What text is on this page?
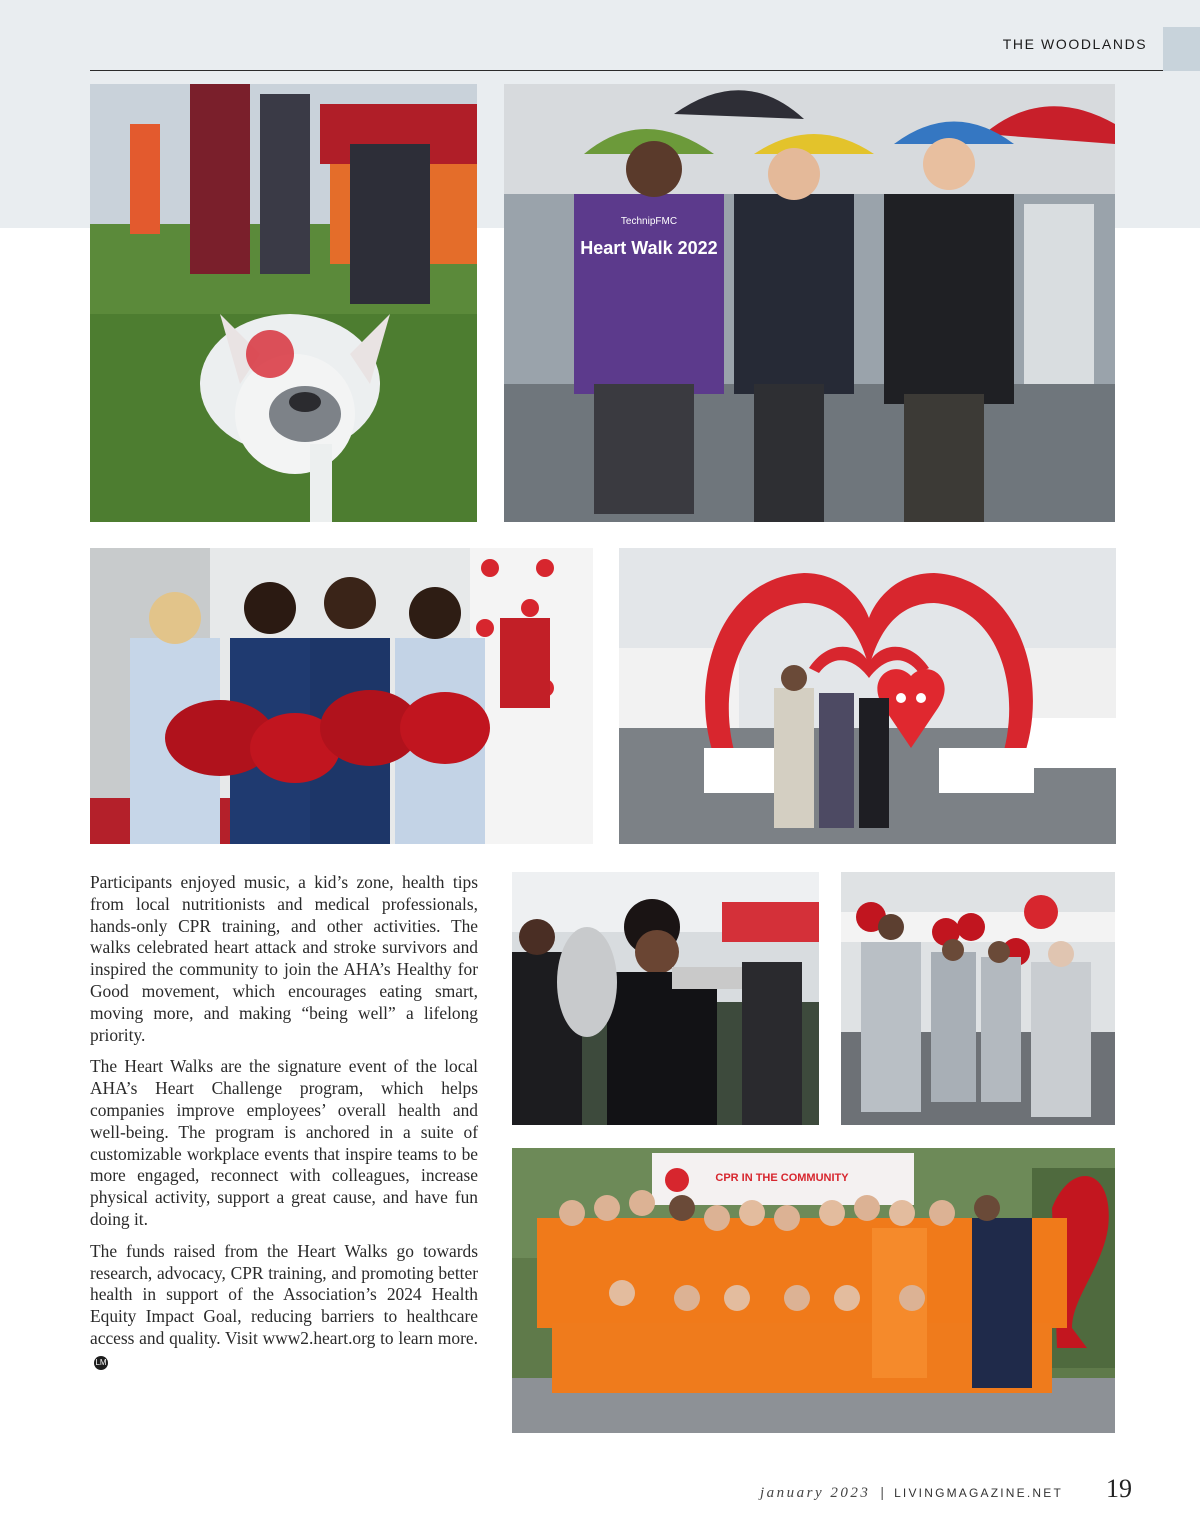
THE WOODLANDS
Heart Walk 2022
TechnipFMC

Participants enjoyed music, a kid’s zone, health tips from local nutritionists and medical professionals, hands-only CPR training, and other activities. The walks celebrated heart attack and stroke survivors and inspired the community to join the AHA’s Healthy for Good movement, which encourages eating smart, moving more, and making “being well” a lifelong priority.

The Heart Walks are the signature event of the local AHA’s Heart Challenge program, which helps companies improve employees’ overall health and well-being. The program is anchored in a suite of customizable workplace events that inspire teams to be more engaged, reconnect with colleagues, increase physical activity, support a great cause, and have fun doing it.

The funds raised from the Heart Walks go towards research, advocacy, CPR training, and promoting better health in support of the Association’s 2024 Health Equity Impact Goal, reducing barriers to healthcare access and quality. Visit www2.heart.org to learn more.LM

CPR IN THE COMMUNITY
january 2023 | LIVINGMAGAZINE.NET	19
